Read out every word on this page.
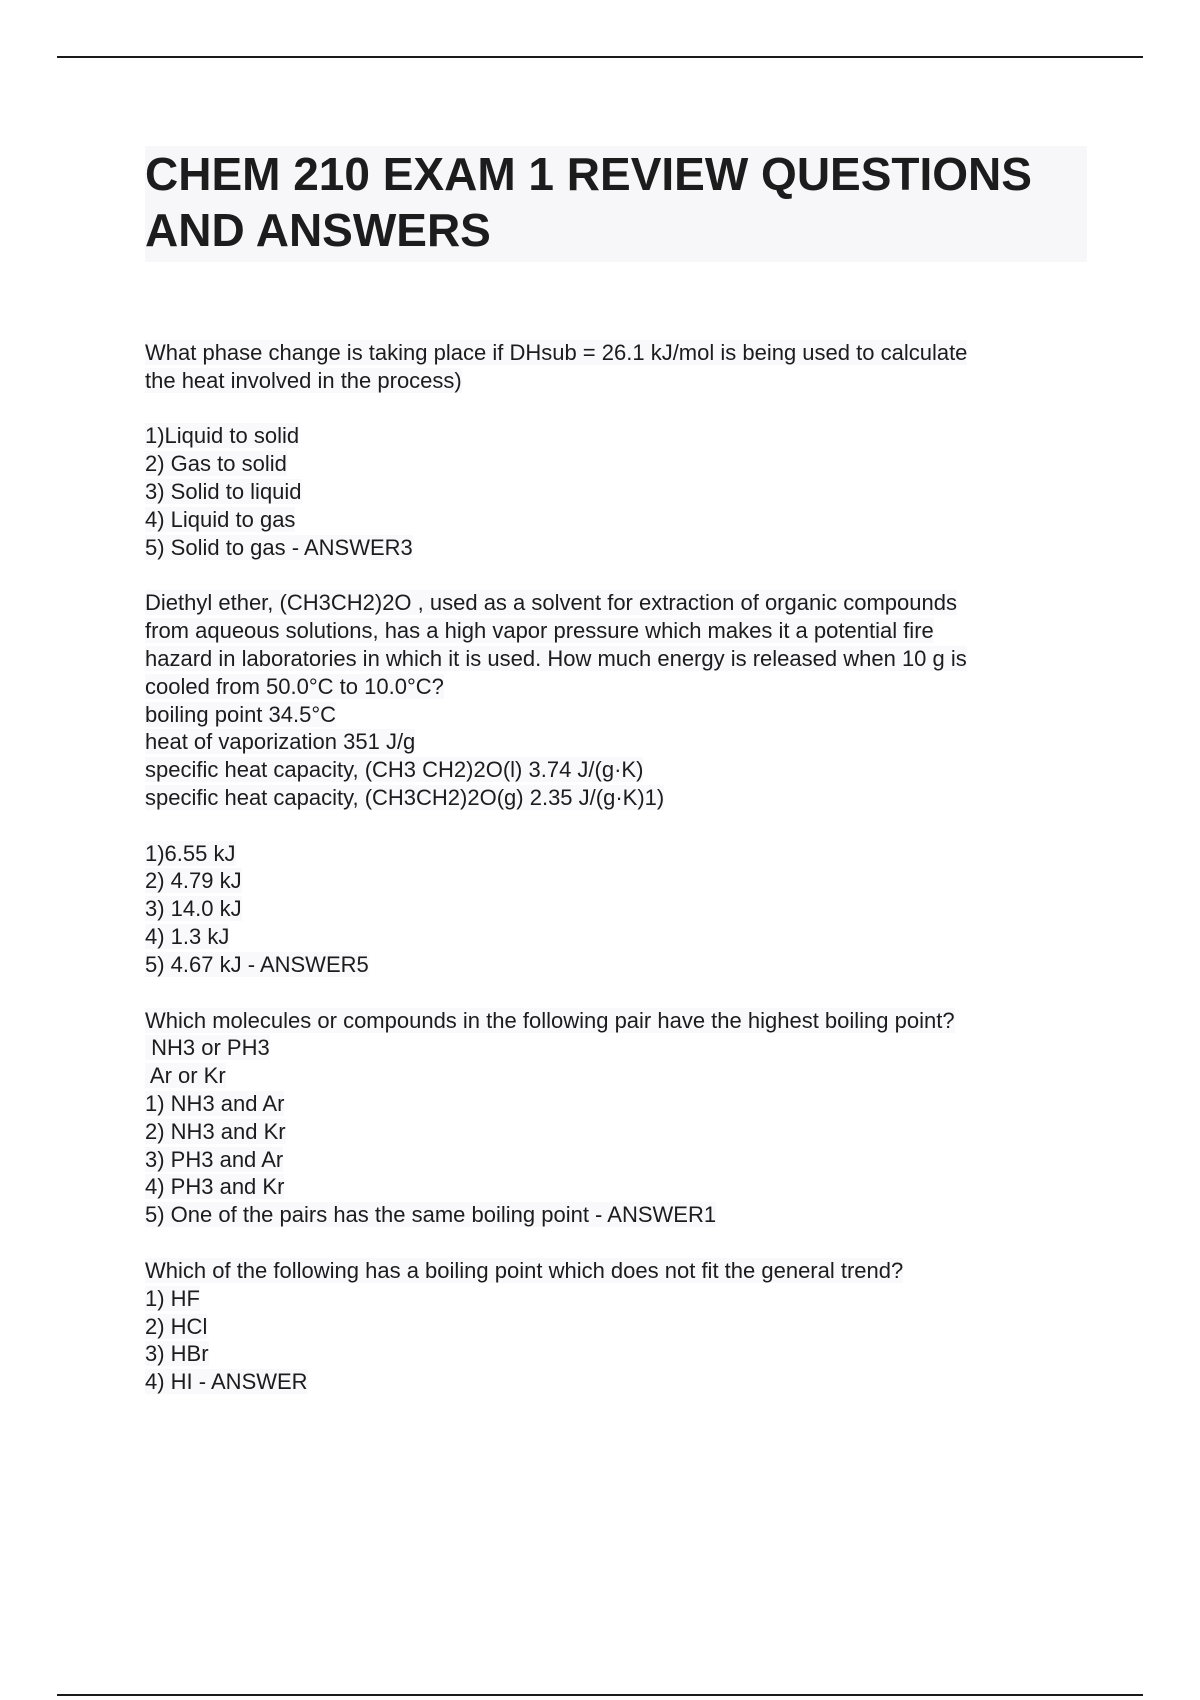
CHEM 210 EXAM 1 REVIEW QUESTIONS AND ANSWERS
What phase change is taking place if DHsub = 26.1 kJ/mol is being used to calculate
the heat involved in the process)

1)Liquid to solid
2) Gas to solid
3) Solid to liquid
4) Liquid to gas
5) Solid to gas - ANSWER3
Diethyl ether, (CH3CH2)2O , used as a solvent for extraction of organic compounds
from aqueous solutions, has a high vapor pressure which makes it a potential fire
hazard in laboratories in which it is used. How much energy is released when 10 g is
cooled from 50.0°C to 10.0°C?
boiling point 34.5°C
heat of vaporization 351 J/g
specific heat capacity, (CH3 CH2)2O(l) 3.74 J/(g·K)
specific heat capacity, (CH3CH2)2O(g) 2.35 J/(g·K)1)

1)6.55 kJ
2) 4.79 kJ
3) 14.0 kJ
4) 1.3 kJ
5) 4.67 kJ - ANSWER5
Which molecules or compounds in the following pair have the highest boiling point?
NH3 or PH3
Ar or Kr
1) NH3 and Ar
2) NH3 and Kr
3) PH3 and Ar
4) PH3 and Kr
5) One of the pairs has the same boiling point - ANSWER1
Which of the following has a boiling point which does not fit the general trend?
1) HF
2) HCl
3) HBr
4) HI - ANSWER
